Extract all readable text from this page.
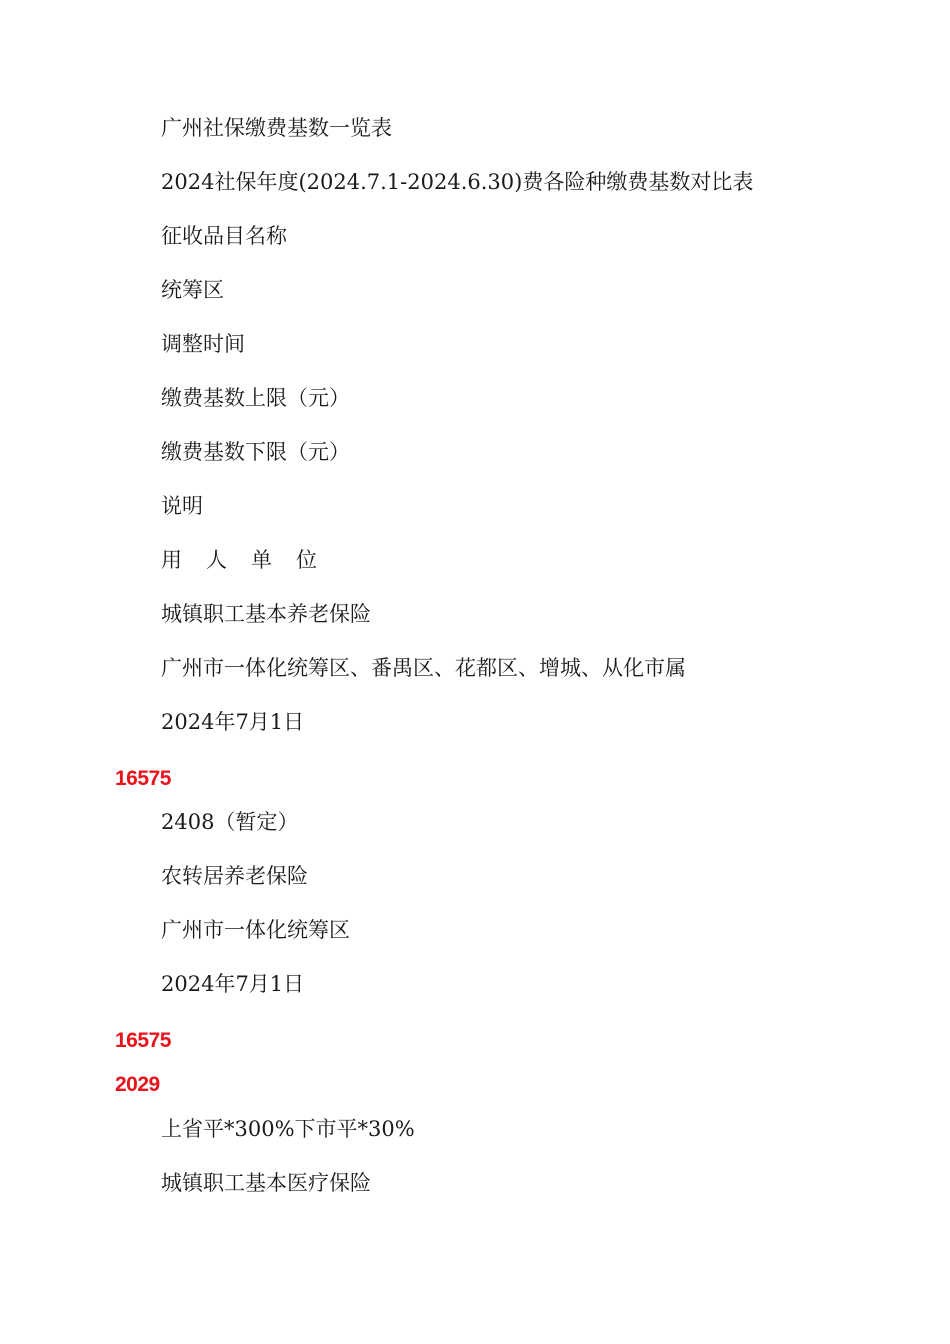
广州社保缴费基数一览表
2024社保年度(2024.7.1-2024.6.30)费各险种缴费基数对比表
征收品目名称
统筹区
调整时间
缴费基数上限（元）
缴费基数下限（元）
说明
用人单位
城镇职工基本养老保险
广州市一体化统筹区、番禺区、花都区、增城、从化市属
2024年7月1日
16575
2408（暂定）
农转居养老保险
广州市一体化统筹区
2024年7月1日
16575
2029
上省平*300%下市平*30%
城镇职工基本医疗保险
